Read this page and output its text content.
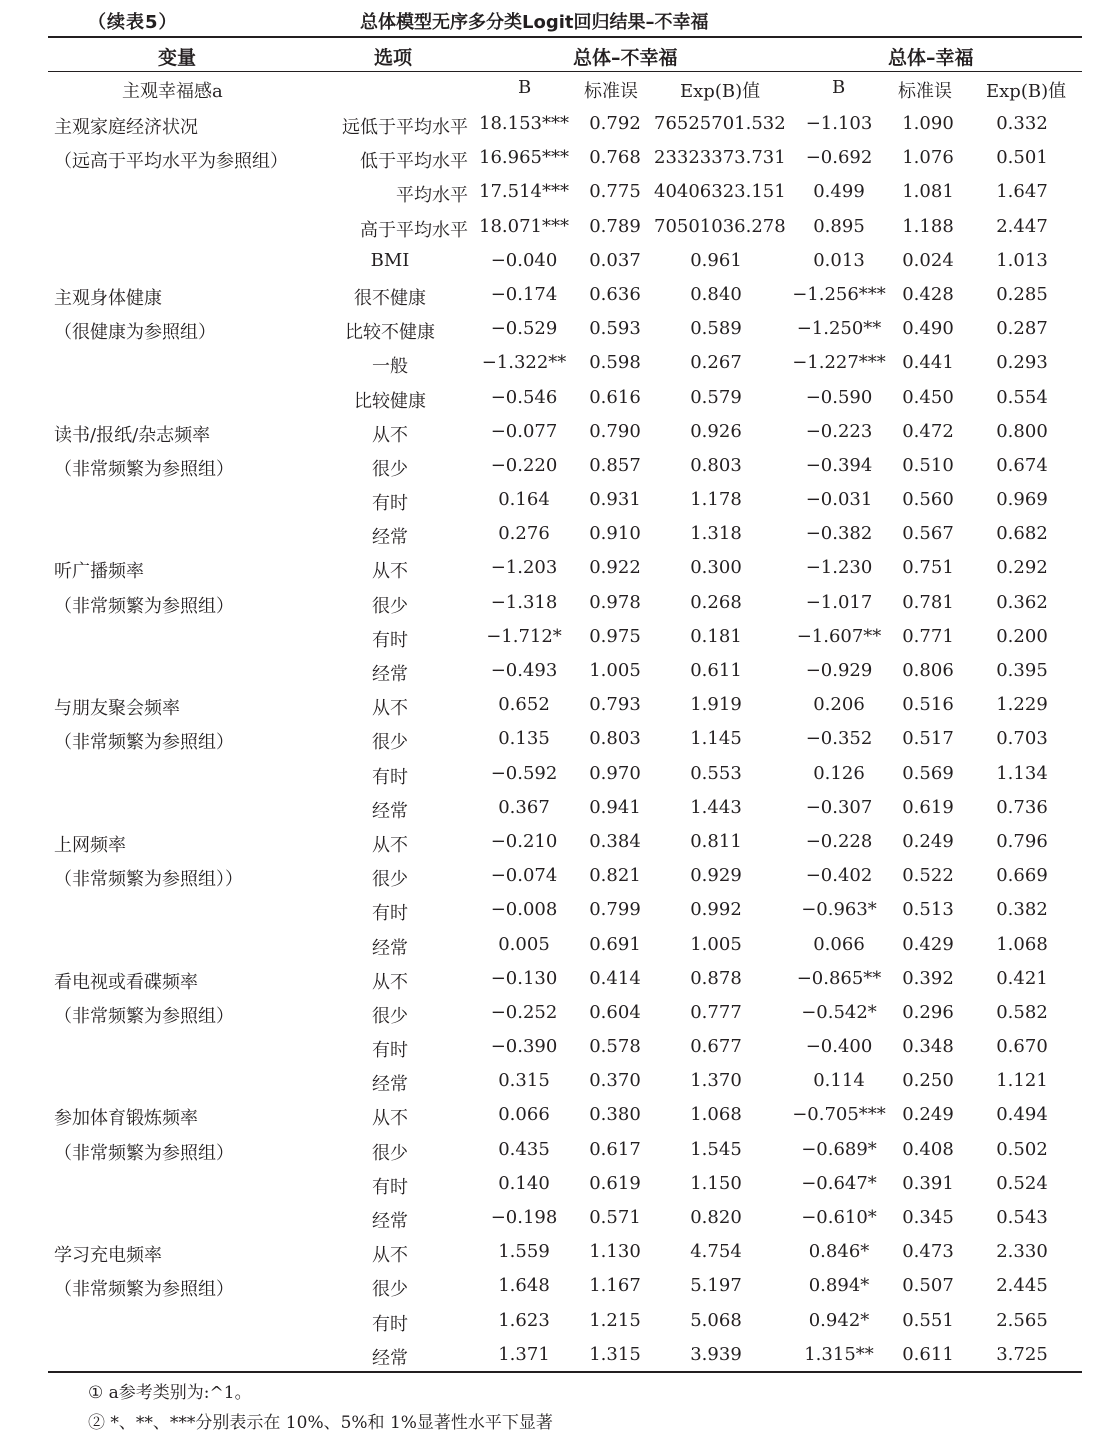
（续表5）	总体模型无序多分类Logit回归结果–不幸福
变量	选项	总体–不幸福	总体–幸福
主观幸福感a	B	标准误 Exp(B)值	B	标准误 Exp(B)值
主观家庭经济状况	远低于平均水平 18.153***	0.792 76525701.532	−1.103	1.090	0.332
（远高于平均水平为参照组）	低于平均水平 16.965***	0.768 23323373.731	−0.692	1.076	0.501
平均水平 17.514***	0.775 40406323.151	0.499	1.081	1.647
高于平均水平 18.071***	0.789 70501036.278	0.895	1.188	2.447
BMI	−0.040	0.037	0.961	0.013	0.024	1.013
主观身体健康	很不健康	−0.174	0.636	0.840	−1.256*** 0.428	0.285
（很健康为参照组）	比较不健康	−0.529	0.593	0.589	−1.250**	0.490	0.287
一般	−1.322**	0.598	0.267	−1.227*** 0.441	0.293
比较健康	−0.546	0.616	0.579	−0.590	0.450	0.554
读书/报纸/杂志频率	从不	−0.077	0.790	0.926	−0.223	0.472	0.800
（非常频繁为参照组）	很少	−0.220	0.857	0.803	−0.394	0.510	0.674
有时	0.164	0.931	1.178	−0.031	0.560	0.969
经常	0.276	0.910	1.318	−0.382	0.567	0.682
听广播频率	从不	−1.203	0.922	0.300	−1.230	0.751	0.292
（非常频繁为参照组）	很少	−1.318	0.978	0.268	−1.017	0.781	0.362
有时	−1.712*	0.975	0.181	−1.607**	0.771	0.200
经常	−0.493	1.005	0.611	−0.929	0.806	0.395
与朋友聚会频率	从不	0.652	0.793	1.919	0.206	0.516	1.229
（非常频繁为参照组）	很少	0.135	0.803	1.145	−0.352	0.517	0.703
有时	−0.592	0.970	0.553	0.126	0.569	1.134
经常	0.367	0.941	1.443	−0.307	0.619	0.736
上网频率	从不	−0.210	0.384	0.811	−0.228	0.249	0.796
（非常频繁为参照组））	很少	−0.074	0.821	0.929	−0.402	0.522	0.669
有时	−0.008	0.799	0.992	−0.963*	0.513	0.382
经常	0.005	0.691	1.005	0.066	0.429	1.068
看电视或看碟频率	从不	−0.130	0.414	0.878	−0.865**	0.392	0.421
（非常频繁为参照组）	很少	−0.252	0.604	0.777	−0.542*	0.296	0.582
有时	−0.390	0.578	0.677	−0.400	0.348	0.670
经常	0.315	0.370	1.370	0.114	0.250	1.121
参加体育锻炼频率	从不	0.066	0.380	1.068	−0.705*** 0.249	0.494
（非常频繁为参照组）	很少	0.435	0.617	1.545	−0.689*	0.408	0.502
有时	0.140	0.619	1.150	−0.647*	0.391	0.524
经常	−0.198	0.571	0.820	−0.610*	0.345	0.543
学习充电频率	从不	1.559	1.130	4.754	0.846*	0.473	2.330
（非常频繁为参照组）	很少	1.648	1.167	5.197	0.894*	0.507	2.445
有时	1.623	1.215	5.068	0.942*	0.551	2.565
经常	1.371	1.315	3.939	1.315**	0.611	3.725
① a参考类别为:^1。
② *、**、***分别表示在 10%、5%和 1%显著性水平下显著
